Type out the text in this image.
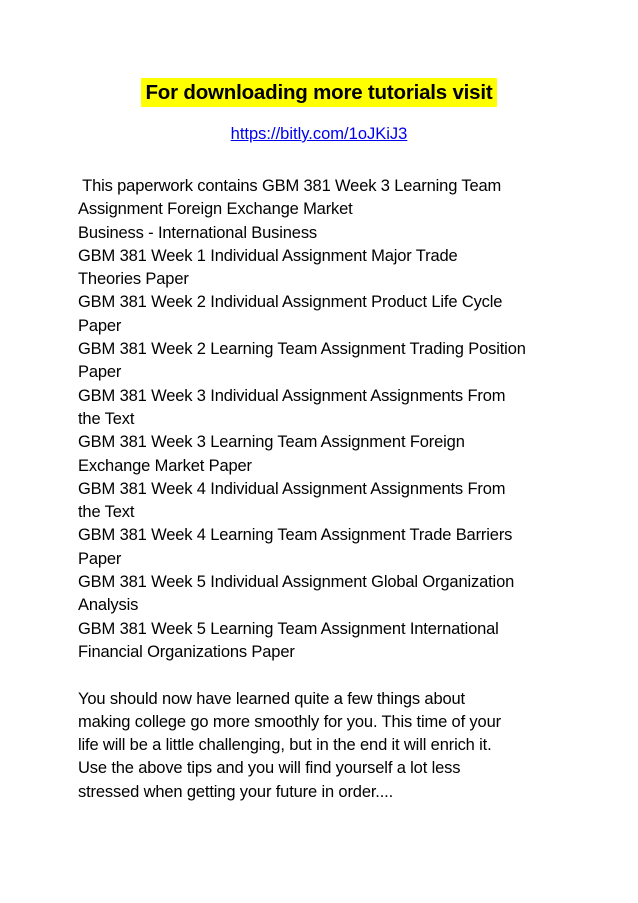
For downloading more tutorials visit
https://bitly.com/1oJKiJ3
This paperwork contains GBM 381 Week 3 Learning Team
Assignment Foreign Exchange Market
Business - International Business
GBM 381 Week 1 Individual Assignment Major Trade
Theories Paper
GBM 381 Week 2 Individual Assignment Product Life Cycle
Paper
GBM 381 Week 2 Learning Team Assignment Trading Position
Paper
GBM 381 Week 3 Individual Assignment Assignments From
the Text
GBM 381 Week 3 Learning Team Assignment Foreign
Exchange Market Paper
GBM 381 Week 4 Individual Assignment Assignments From
the Text
GBM 381 Week 4 Learning Team Assignment Trade Barriers
Paper
GBM 381 Week 5 Individual Assignment Global Organization
Analysis
GBM 381 Week 5 Learning Team Assignment International
Financial Organizations Paper
You should now have learned quite a few things about
making college go more smoothly for you. This time of your
life will be a little challenging, but in the end it will enrich it.
Use the above tips and you will find yourself a lot less
stressed when getting your future in order....
